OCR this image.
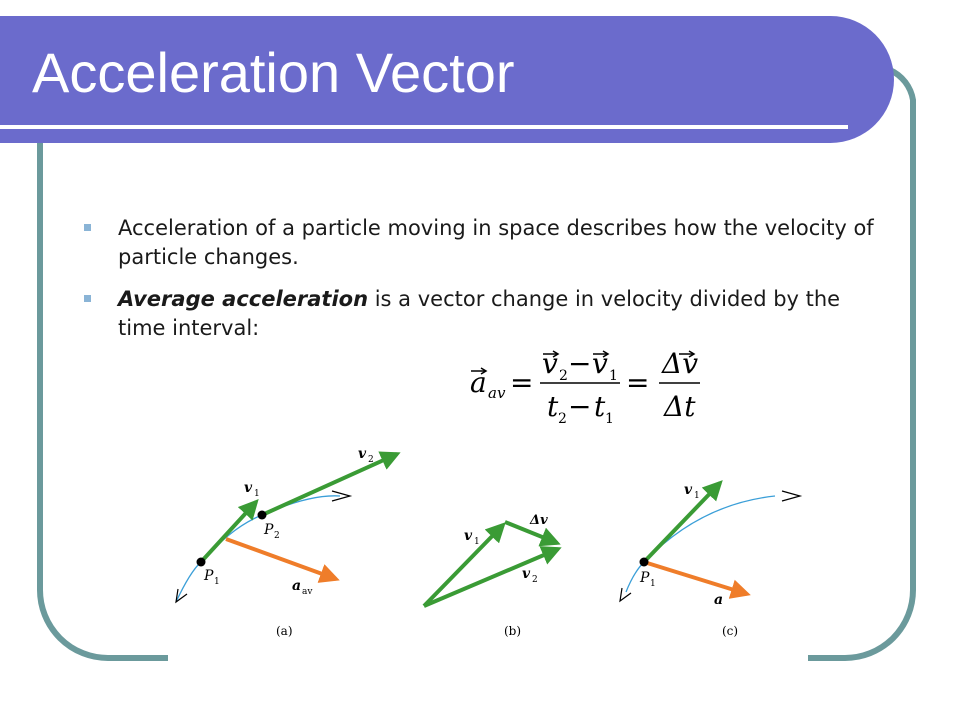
Acceleration Vector
Acceleration of a particle moving in space describes how the velocity of particle changes.
Average acceleration is a vector change in velocity divided by the time interval:
a av =
v 2 − v 1
t 2 − t 1
=
Δv
Δt
v 1
v 2
P 1
P 2
a av
(a)
v 1
Δv
v 2
(b)
v 1
P 1
a
(c)
